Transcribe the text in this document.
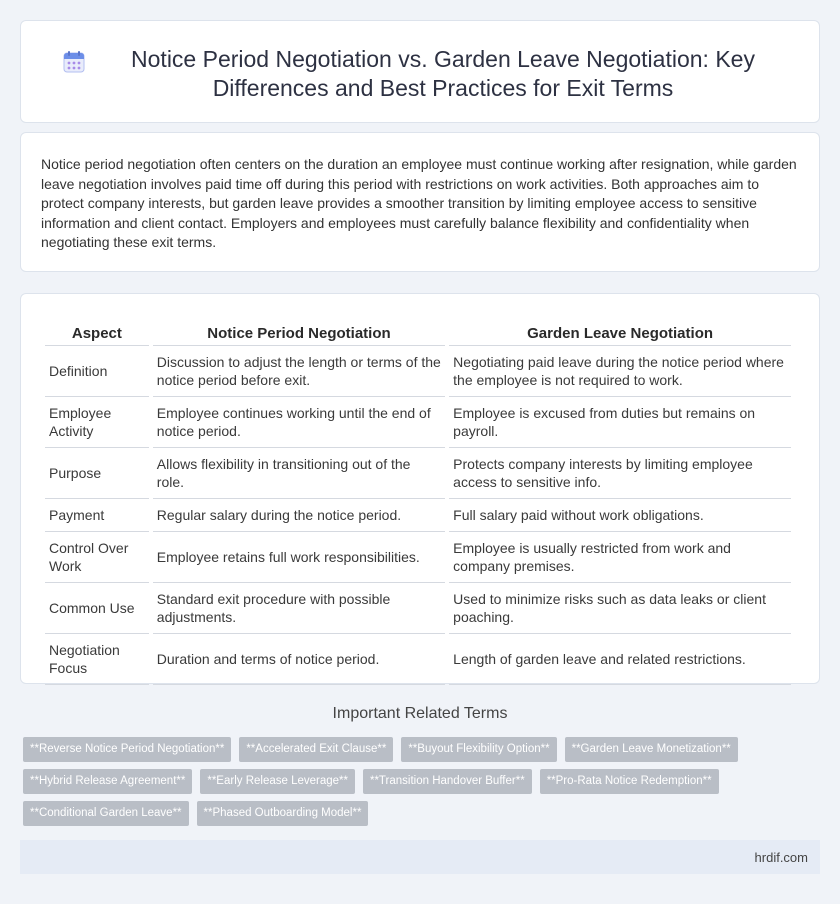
Notice Period Negotiation vs. Garden Leave Negotiation: Key Differences and Best Practices for Exit Terms

Notice period negotiation often centers on the duration an employee must continue working after resignation, while garden leave negotiation involves paid time off during this period with restrictions on work activities. Both approaches aim to protect company interests, but garden leave provides a smoother transition by limiting employee access to sensitive information and client contact. Employers and employees must carefully balance flexibility and confidentiality when negotiating these exit terms.

Aspect	Notice Period Negotiation	Garden Leave Negotiation
Definition	Discussion to adjust the length or terms of the notice period before exit.	Negotiating paid leave during the notice period where the employee is not required to work.
Employee Activity	Employee continues working until the end of notice period.	Employee is excused from duties but remains on payroll.
Purpose	Allows flexibility in transitioning out of the role.	Protects company interests by limiting employee access to sensitive info.
Payment	Regular salary during the notice period.	Full salary paid without work obligations.
Control Over Work	Employee retains full work responsibilities.	Employee is usually restricted from work and company premises.
Common Use	Standard exit procedure with possible adjustments.	Used to minimize risks such as data leaks or client poaching.
Negotiation Focus	Duration and terms of notice period.	Length of garden leave and related restrictions.
Important Related Terms
**Reverse Notice Period Negotiation**	**Accelerated Exit Clause**	**Buyout Flexibility Option**	**Garden Leave Monetization**
**Hybrid Release Agreement**	**Early Release Leverage**	**Transition Handover Buffer**	**Pro-Rata Notice Redemption**
**Conditional Garden Leave**	**Phased Outboarding Model**
hrdif.com
